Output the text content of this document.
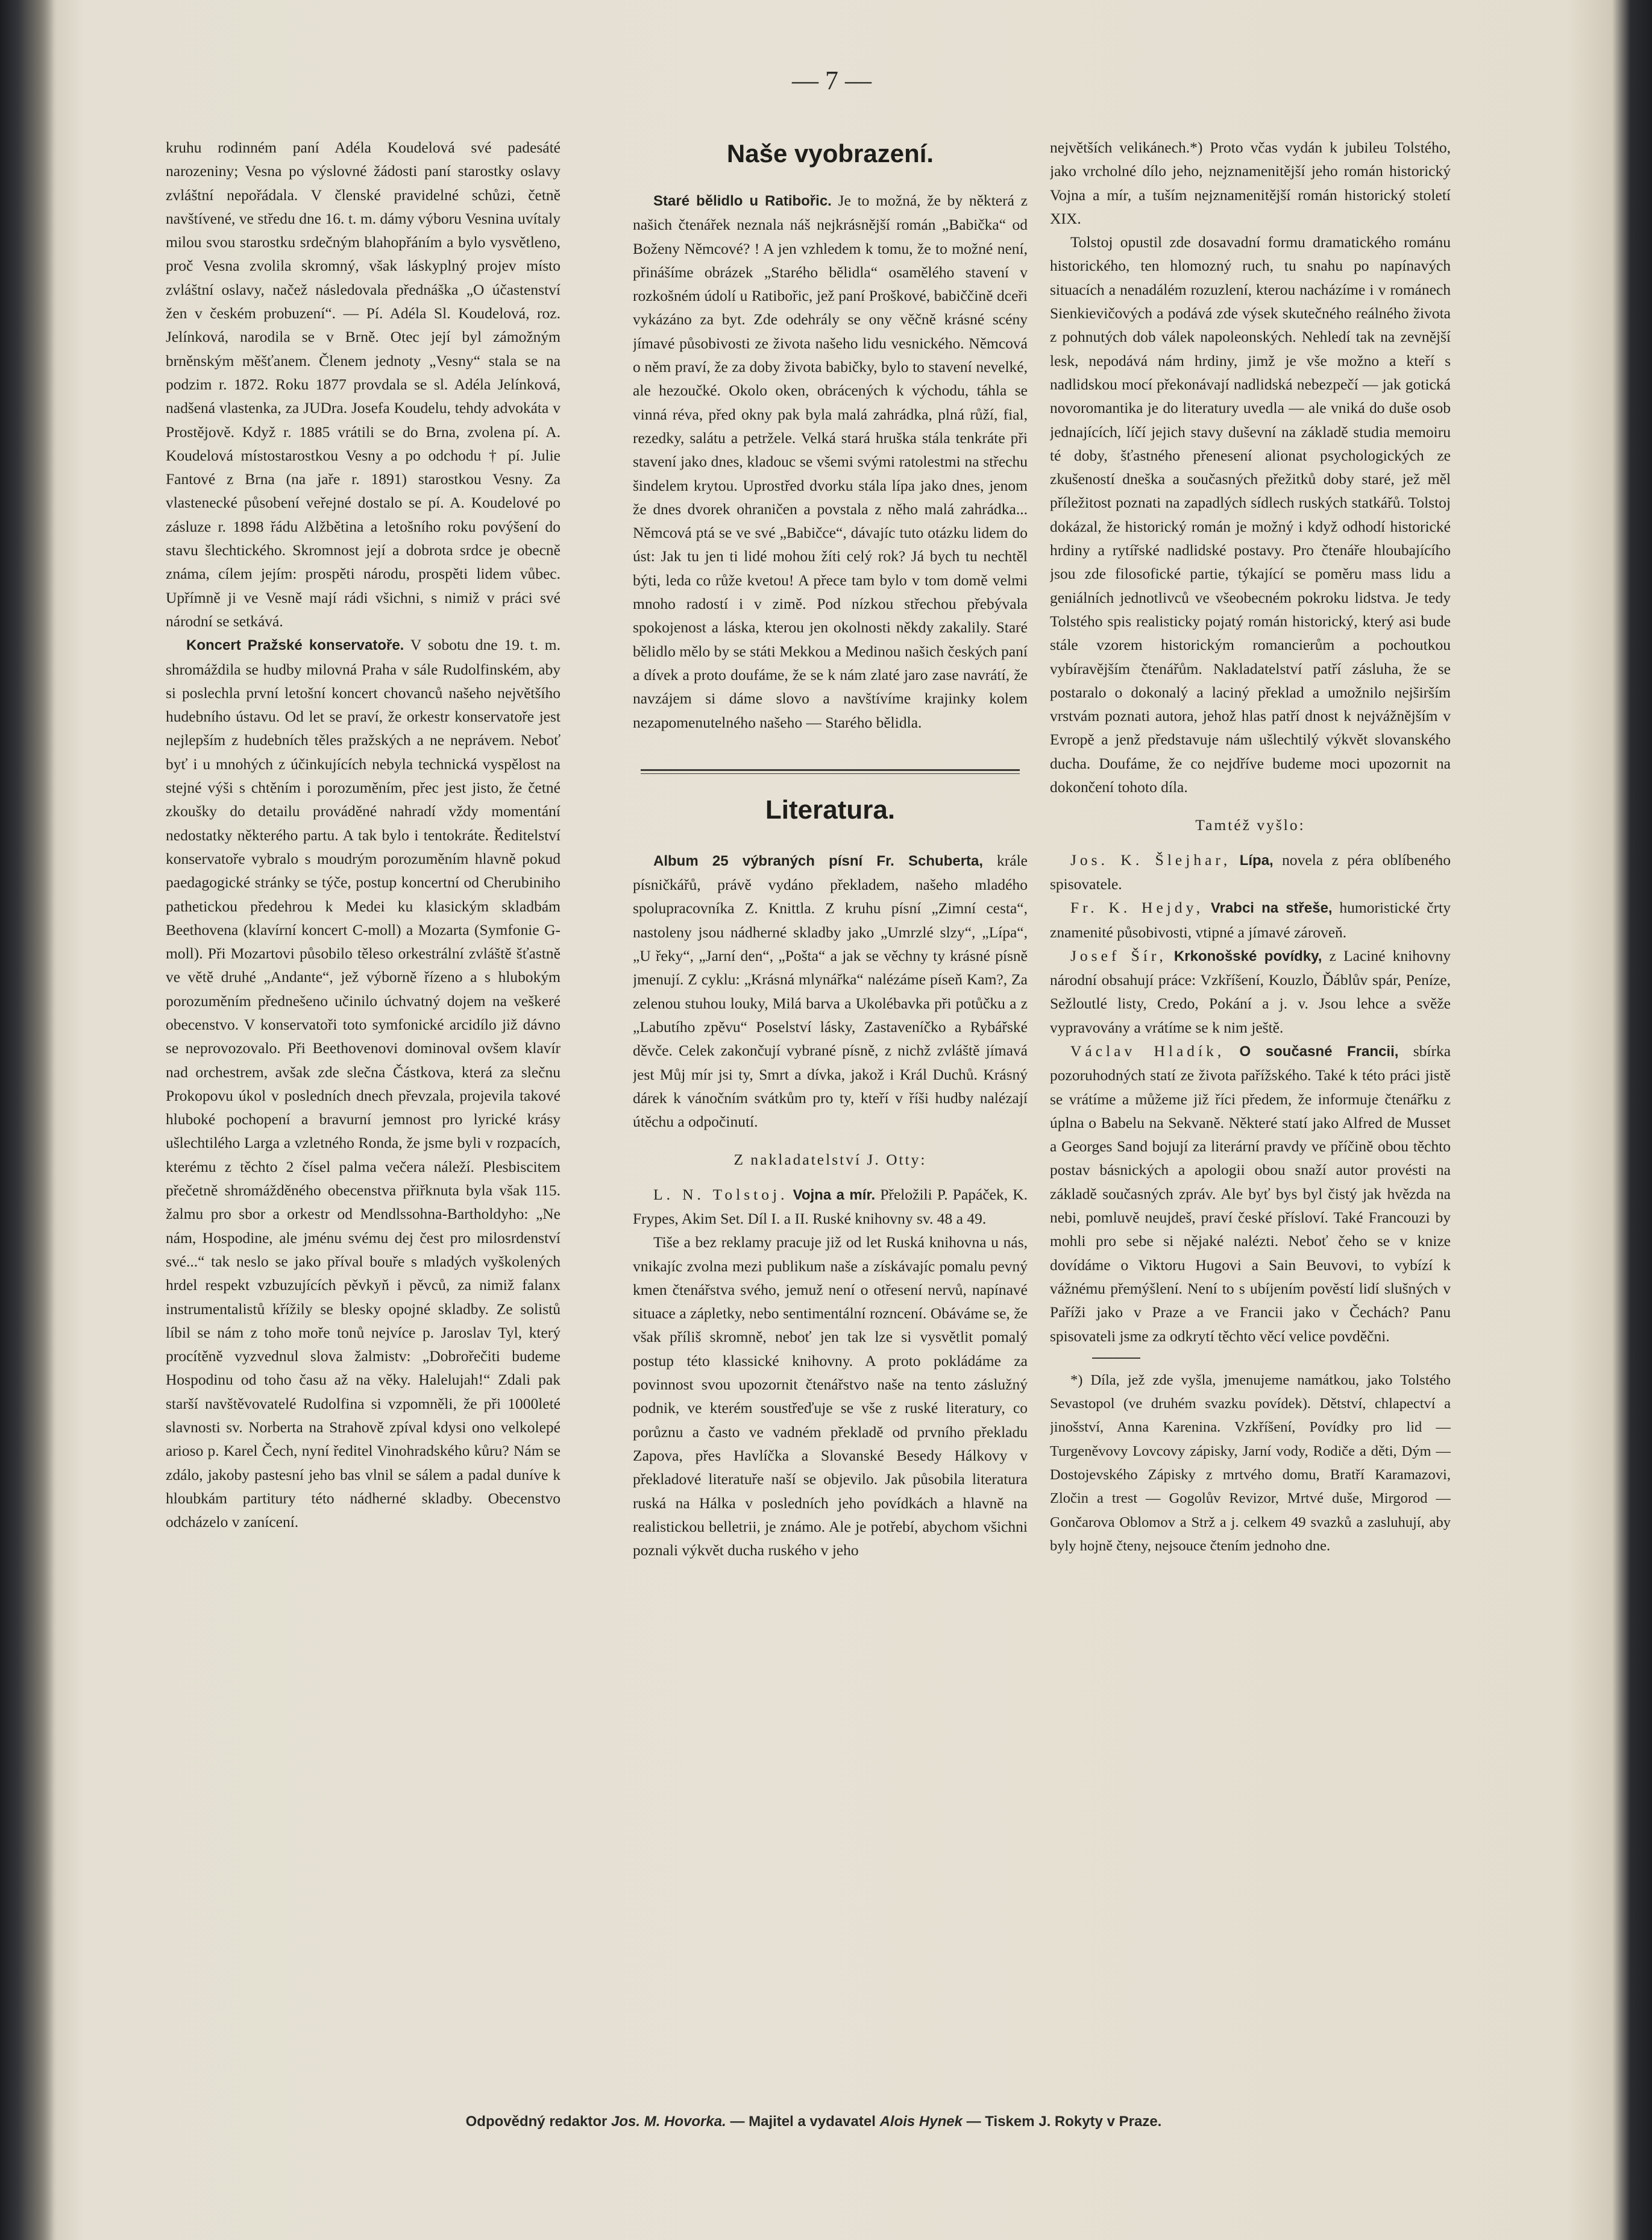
— 7 —

kruhu rodinném paní Adéla Koudelová své padesáté narozeniny; Vesna po výslovné žádosti paní starostky oslavy zvláštní nepořádala. V členské pravidelné schůzi, četně navštívené, ve středu dne 16. t. m. dámy výboru Vesnina uvítaly milou svou starostku srdečným blahopřáním a bylo vysvětleno, proč Vesna zvolila skromný, však láskyplný projev místo zvláštní oslavy, načež následovala přednáška „O účastenství žen v českém probuzení“. — Pí. Adéla Sl. Koudelová, roz. Jelínková, narodila se v Brně. Otec její byl zámožným brněnským měšťanem. Členem jednoty „Vesny“ stala se na podzim r. 1872. Roku 1877 provdala se sl. Adéla Jelínková, nadšená vlastenka, za JUDra. Josefa Koudelu, tehdy advokáta v Prostějově. Když r. 1885 vrátili se do Brna, zvolena pí. A. Koudelová místostarostkou Vesny a po odchodu † pí. Julie Fantové z Brna (na jaře r. 1891) starostkou Vesny. Za vlastenecké působení veřejné dostalo se pí. A. Koudelové po zásluze r. 1898 řádu Alžbětina a letošního roku povýšení do stavu šlechtického. Skromnost její a dobrota srdce je obecně známa, cílem jejím: prospěti národu, prospěti lidem vůbec. Upřímně ji ve Vesně mají rádi všichni, s nimiž v práci své národní se setkává.

Koncert Pražské konservatoře. V sobotu dne 19. t. m. shromáždila se hudby milovná Praha v sále Rudolfinském, aby si poslechla první letošní koncert chovanců našeho největšího hudebního ústavu. Od let se praví, že orkestr konservatoře jest nejlepším z hudebních těles pražských a ne neprávem. Neboť byť i u mnohých z účinkujících nebyla technická vyspělost na stejné výši s chtěním i porozuměním, přec jest jisto, že četné zkoušky do detailu prováděné nahradí vždy momentání nedostatky některého partu. A tak bylo i tentokráte. Ředitelství konservatoře vybralo s moudrým porozuměním hlavně pokud paedagogické stránky se týče, postup koncertní od Cherubiniho pathetickou předehrou k Medei ku klasickým skladbám Beethovena (klavírní koncert C-moll) a Mozarta (Symfonie G-moll). Při Mozartovi působilo těleso orkestrální zvláště šťastně ve větě druhé „Andante“, jež výborně řízeno a s hlubokým porozuměním přednešeno učinilo úchvatný dojem na veškeré obecenstvo. V konservatoři toto symfonické arcidílo již dávno se neprovozovalo. Při Beethovenovi dominoval ovšem klavír nad orchestrem, avšak zde slečna Částkova, která za slečnu Prokopovu úkol v posledních dnech převzala, projevila takové hluboké pochopení a bravurní jemnost pro lyrické krásy ušlechtilého Larga a vzletného Ronda, že jsme byli v rozpacích, kterému z těchto 2 čísel palma večera náleží. Plesbiscitem přečetně shromážděného obecenstva přiřknuta byla však 115. žalmu pro sbor a orkestr od Mendlssohna-Bartholdyho: „Ne nám, Hospodine, ale jménu svému dej čest pro milosrdenství své...“ tak neslo se jako příval bouře s mladých vyškolených hrdel respekt vzbuzujících pěvkyň i pěvců, za nimiž falanx instrumentalistů křížily se blesky opojné skladby. Ze solistů líbil se nám z toho moře tonů nejvíce p. Jaroslav Tyl, který procítěně vyzvednul slova žalmistv: „Dobrořečiti budeme Hospodinu od toho času až na věky. Halelujah!“ Zdali pak starší navštěvovatelé Rudolfina si vzpomněli, že při 1000leté slavnosti sv. Norberta na Strahově zpíval kdysi ono velkolepé arioso p. Karel Čech, nyní ředitel Vinohradského kůru? Nám se zdálo, jakoby pastesní jeho bas vlnil se sálem a padal duníve k hloubkám partitury této nádherné skladby. Obecenstvo odcházelo v zanícení.

Naše vyobrazení.

Staré bělidlo u Ratibořic. Je to možná, že by některá z našich čtenářek neznala náš nejkrásnější román „Babička“ od Boženy Němcové? ! A jen vzhledem k tomu, že to možné není, přinášíme obrázek „Starého bělidla“ osamělého stavení v rozkošném údolí u Ratibořic, jež paní Proškové, babiččině dceři vykázáno za byt. Zde odehrály se ony věčně krásné scény jímavé působivosti ze života našeho lidu vesnického. Němcová o něm praví, že za doby života babičky, bylo to stavení nevelké, ale hezoučké. Okolo oken, obrácených k východu, táhla se vinná réva, před okny pak byla malá zahrádka, plná růží, fial, rezedky, salátu a petržele. Velká stará hruška stála tenkráte při stavení jako dnes, kladouc se všemi svými ratolestmi na střechu šindelem krytou. Uprostřed dvorku stála lípa jako dnes, jenom že dnes dvorek ohraničen a povstala z něho malá zahrádka... Němcová ptá se ve své „Babičce“, dávajíc tuto otázku lidem do úst: Jak tu jen ti lidé mohou žíti celý rok? Já bych tu nechtěl býti, leda co růže kvetou! A přece tam bylo v tom domě velmi mnoho radostí i v zimě. Pod nízkou střechou přebývala spokojenost a láska, kterou jen okolnosti někdy zakalily. Staré bělidlo mělo by se státi Mekkou a Medinou našich českých paní a dívek a proto doufáme, že se k nám zlaté jaro zase navrátí, že navzájem si dáme slovo a navštívíme krajinky kolem nezapomenutelného našeho — Starého bělidla.

Literatura.

Album 25 výbraných písní Fr. Schuberta, krále písničkářů, právě vydáno překladem, našeho mladého spolupracovníka Z. Knittla. Z kruhu písní „Zimní cesta“, nastoleny jsou nádherné skladby jako „Umrzlé slzy“, „Lípa“, „U řeky“, „Jarní den“, „Pošta“ a jak se věchny ty krásné písně jmenují. Z cyklu: „Krásná mlynářka“ nalézáme píseň Kam?, Za zelenou stuhou louky, Milá barva a Ukolébavka při potůčku a z „Labutího zpěvu“ Poselství lásky, Zastaveníčko a Rybářské děvče. Celek zakončují vybrané písně, z nichž zvláště jímavá jest Můj mír jsi ty, Smrt a dívka, jakož i Král Duchů. Krásný dárek k vánočním svátkům pro ty, kteří v říši hudby nalézají útěchu a odpočinutí.

Z nakladatelství J. Otty:

L. N. Tolstoj. Vojna a mír. Přeložili P. Papáček, K. Frypes, Akim Set. Díl I. a II. Ruské knihovny sv. 48 a 49.

Tiše a bez reklamy pracuje již od let Ruská knihovna u nás, vnikajíc zvolna mezi publikum naše a získávajíc pomalu pevný kmen čtenářstva svého, jemuž není o otřesení nervů, napínavé situace a zápletky, nebo sentimentální rozncení. Obáváme se, že však příliš skromně, neboť jen tak lze si vysvětlit pomalý postup této klassické knihovny. A proto pokládáme za povinnost svou upozornit čtenářstvo naše na tento záslužný podnik, ve kterém soustřeďuje se vše z ruské literatury, co porůznu a často ve vadném překladě od prvního překladu Zapova, přes Havlíčka a Slovanské Besedy Hálkovy v překladové literatuře naší se objevilo. Jak působila literatura ruská na Hálka v posledních jeho povídkách a hlavně na realistickou belletrii, je známo. Ale je potřebí, abychom všichni poznali výkvět ducha ruského v jeho

největších velikánech.*) Proto včas vydán k jubileu Tolstého, jako vrcholné dílo jeho, nejznamenitější jeho román historický Vojna a mír, a tuším nejznamenitější román historický století XIX.

Tolstoj opustil zde dosavadní formu dramatického románu historického, ten hlomozný ruch, tu snahu po napínavých situacích a nenadálém rozuzlení, kterou nacházíme i v románech Sienkievičových a podává zde výsek skutečného reálného života z pohnutých dob válek napoleonských. Nehledí tak na zevnější lesk, nepodává nám hrdiny, jimž je vše možno a kteří s nadlidskou mocí překonávají nadlidská nebezpečí — jak gotická novoromantika je do literatury uvedla — ale vniká do duše osob jednajících, líčí jejich stavy duševní na základě studia memoiru té doby, šťastného přenesení alionat psychologických ze zkušeností dneška a současných přežitků doby staré, jež měl příležitost poznati na zapadlých sídlech ruských statkářů. Tolstoj dokázal, že historický román je možný i když odhodí historické hrdiny a rytířské nadlidské postavy. Pro čtenáře hloubajícího jsou zde filosofické partie, týkající se poměru mass lidu a geniálních jednotlivců ve všeobecném pokroku lidstva. Je tedy Tolstého spis realisticky pojatý román historický, který asi bude stále vzorem historickým romancierům a pochoutkou vybíravějším čtenářům. Nakladatelství patří zásluha, že se postaralo o dokonalý a laciný překlad a umožnilo nejširším vrstvám poznati autora, jehož hlas patří dnost k nejvážnějším v Evropě a jenž představuje nám ušlechtilý výkvět slovanského ducha. Doufáme, že co nejdříve budeme moci upozornit na dokončení tohoto díla.

Tamtéž vyšlo:

Jos. K. Šlejhar, Lípa, novela z péra oblíbeného spisovatele.

Fr. K. Hejdy, Vrabci na střeše, humoristické črty znamenité působivosti, vtipné a jímavé zároveň.

Josef Šír, Krkonošské povídky, z Laciné knihovny národní obsahují práce: Vzkříšení, Kouzlo, Ďáblův spár, Peníze, Sežloutlé listy, Credo, Pokání a j. v. Jsou lehce a svěže vypravovány a vrátíme se k nim ještě.

Václav Hladík, O současné Francii, sbírka pozoruhodných statí ze života pařížského. Také k této práci jistě se vrátíme a můžeme již říci předem, že informuje čtenářku z úplna o Babelu na Sekvaně. Některé statí jako Alfred de Musset a Georges Sand bojují za literární pravdy ve příčině obou těchto postav básnických a apologii obou snaží autor provésti na základě současných zpráv. Ale byť bys byl čistý jak hvězda na nebi, pomluvě neujdeš, praví české přísloví. Také Francouzi by mohli pro sebe si nějaké nalézti. Neboť čeho se v knize dovídáme o Viktoru Hugovi a Sain Beuvovi, to vybízí k vážnému přemýšlení. Není to s ubíjením pověstí lidí slušných v Paříži jako v Praze a ve Francii jako v Čechách? Panu spisovateli jsme za odkrytí těchto věcí velice povděčni.

*) Díla, jež zde vyšla, jmenujeme namátkou, jako Tolstého Sevastopol (ve druhém svazku povídek). Dětství, chlapectví a jinošství, Anna Karenina. Vzkříšení, Povídky pro lid — Turgeněvovy Lovcovy zápisky, Jarní vody, Rodiče a děti, Dým — Dostojevského Zápisky z mrtvého domu, Bratří Karamazovi, Zločin a trest — Gogolův Revizor, Mrtvé duše, Mirgorod — Gončarova Oblomov a Strž a j. celkem 49 svazků a zasluhují, aby byly hojně čteny, nejsouce čtením jednoho dne.

Odpovědný redaktor Jos. M. Hovorka. — Majitel a vydavatel Alois Hynek — Tiskem J. Rokyty v Praze.
